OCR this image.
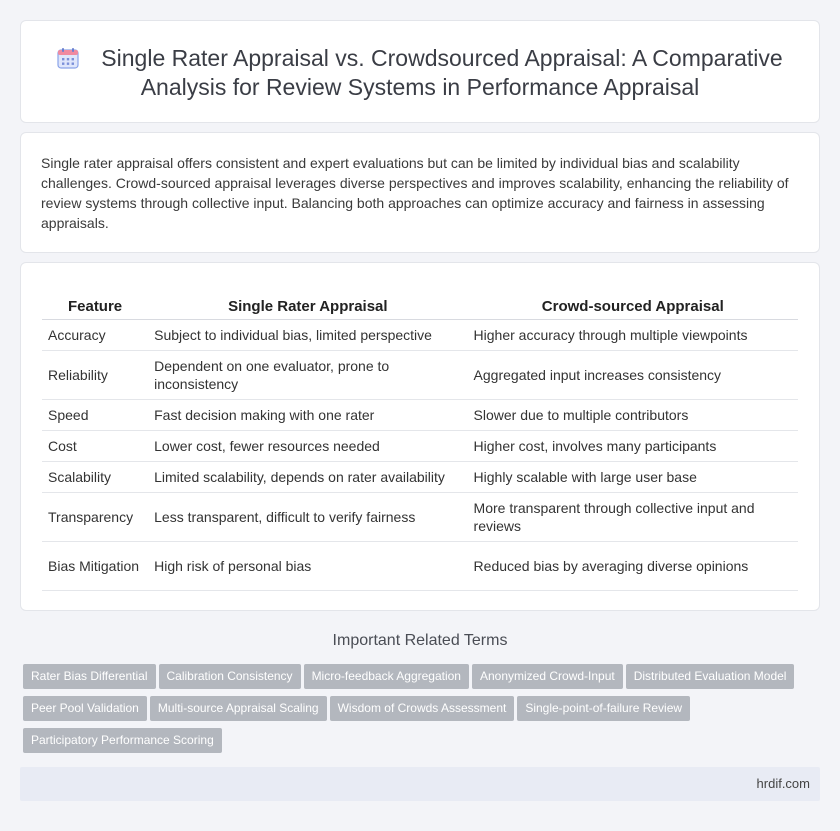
Single Rater Appraisal vs. Crowdsourced Appraisal: A Comparative Analysis for Review Systems in Performance Appraisal

Single rater appraisal offers consistent and expert evaluations but can be limited by individual bias and scalability challenges. Crowd-sourced appraisal leverages diverse perspectives and improves scalability, enhancing the reliability of review systems through collective input. Balancing both approaches can optimize accuracy and fairness in assessing appraisals.

Feature	Single Rater Appraisal	Crowd-sourced Appraisal
Accuracy	Subject to individual bias, limited perspective	Higher accuracy through multiple viewpoints
Reliability	Dependent on one evaluator, prone to inconsistency	Aggregated input increases consistency
Speed	Fast decision making with one rater	Slower due to multiple contributors
Cost	Lower cost, fewer resources needed	Higher cost, involves many participants
Scalability	Limited scalability, depends on rater availability	Highly scalable with large user base
Transparency	Less transparent, difficult to verify fairness	More transparent through collective input and reviews
Bias Mitigation	High risk of personal bias	Reduced bias by averaging diverse opinions
Important Related Terms
Rater Bias Differential Calibration Consistency Micro-feedback Aggregation Anonymized Crowd-Input Distributed Evaluation Model
Peer Pool Validation Multi-source Appraisal Scaling Wisdom of Crowds Assessment Single-point-of-failure Review
Participatory Performance Scoring
hrdif.com
